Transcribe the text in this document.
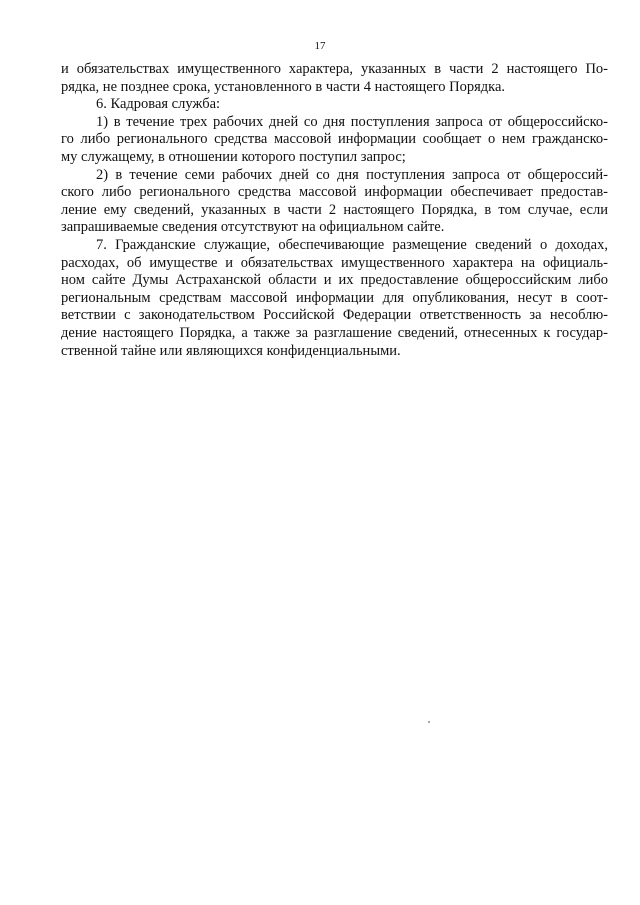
17
и обязательствах имущественного характера, указанных в части 2 настоящего По-
рядка, не позднее срока, установленного в части 4 настоящего Порядка.
6. Кадровая служба:
1) в течение трех рабочих дней со дня поступления запроса от общероссийско-
го либо регионального средства массовой информации сообщает о нем гражданско-
му служащему, в отношении которого поступил запрос;
2) в течение семи рабочих дней со дня поступления запроса от общероссий-
ского либо регионального средства массовой информации обеспечивает предостав-
ление ему сведений, указанных в части 2 настоящего Порядка, в том случае, если
запрашиваемые сведения отсутствуют на официальном сайте.
7. Гражданские служащие, обеспечивающие размещение сведений о доходах,
расходах, об имуществе и обязательствах имущественного характера на официаль-
ном сайте Думы Астраханской области и их предоставление общероссийским либо
региональным средствам массовой информации для опубликования, несут в соот-
ветствии с законодательством Российской Федерации ответственность за несоблю-
дение настоящего Порядка, а также за разглашение сведений, отнесенных к государ-
ственной тайне или являющихся конфиденциальными.
